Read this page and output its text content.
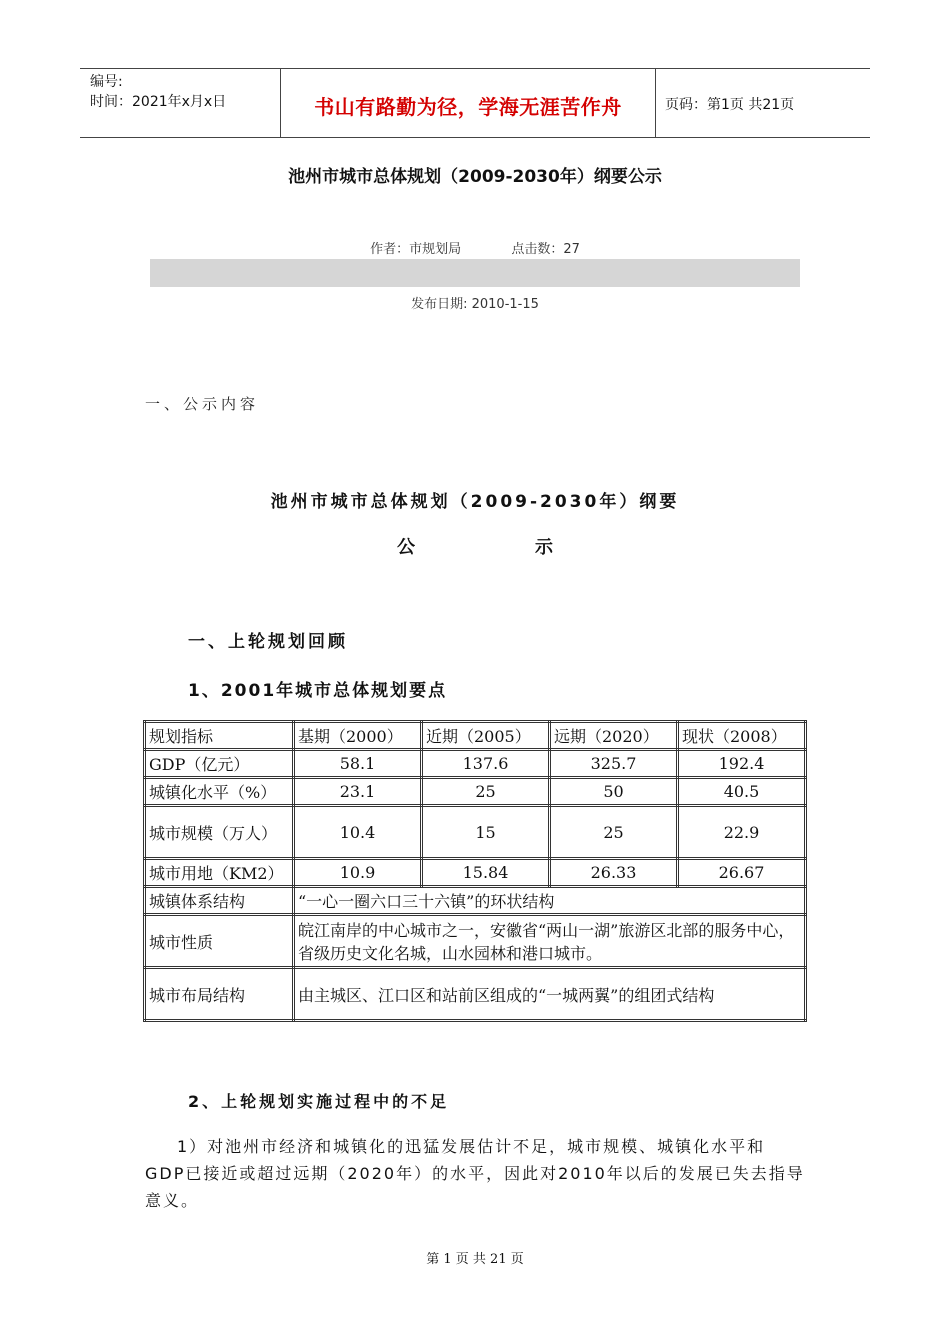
编号:
时间：2021年x月x日	书山有路勤为径，学海无涯苦作舟	页码：第1页 共21页
池州市城市总体规划（2009-2030年）纲要公示
作者：市规划局	点击数：27
发布日期: 2010-1-15
一、公示内容
池州市城市总体规划（2009-2030年）纲要
公	示
一、上轮规划回顾
1、2001年城市总体规划要点
规划指标	基期（2000）	近期（2005）	远期（2020）	现状（2008）
GDP（亿元）	58.1	137.6	325.7	192.4
城镇化水平（%）	23.1	25	50	40.5
城市规模（万人）	10.4	15	25	22.9
城市用地（KM2）	10.9	15.84	26.33	26.67
城镇体系结构	“一心一圈六口三十六镇”的环状结构			
城市性质	皖江南岸的中心城市之一，安徽省“两山一湖”旅游区北部的服务中心，省级历史文化名城，山水园林和港口城市。			
城市布局结构	由主城区、江口区和站前区组成的“一城两翼”的组团式结构			
2、上轮规划实施过程中的不足
1）对池州市经济和城镇化的迅猛发展估计不足，城市规模、城镇化水平和GDP已接近或超过远期（2020年）的水平，因此对2010年以后的发展已失去指导意义。
第 1 页 共 21 页
